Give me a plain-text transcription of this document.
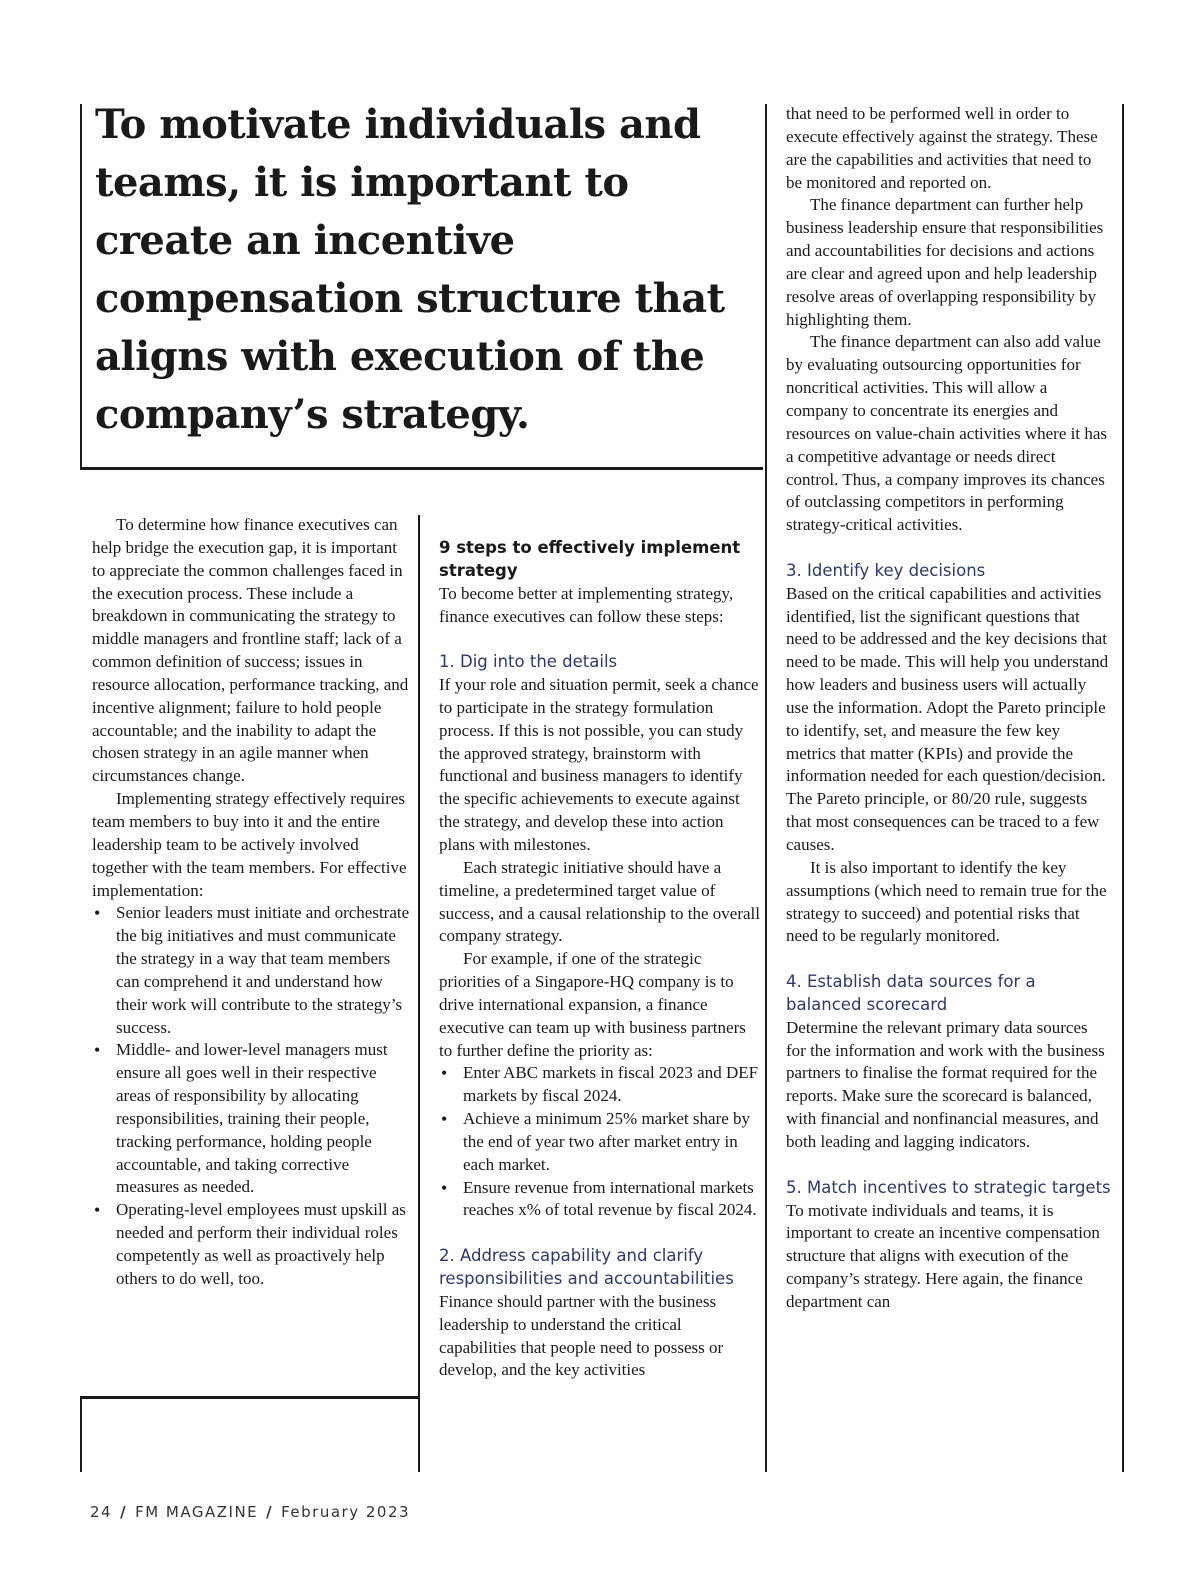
To motivate individuals and teams, it is important to create an incentive compensation structure that aligns with execution of the company’s strategy.

To determine how finance executives can help bridge the execution gap, it is important to appreciate the common challenges faced in the execution process. These include a breakdown in communicating the strategy to middle managers and frontline staff; lack of a common definition of success; issues in resource allocation, performance tracking, and incentive alignment; failure to hold people accountable; and the inability to adapt the chosen strategy in an agile manner when circumstances change.

Implementing strategy effectively requires team members to buy into it and the entire leadership team to be actively involved together with the team members. For effective implementation:

• Senior leaders must initiate and orchestrate the big initiatives and must communicate the strategy in a way that team members can comprehend it and understand how their work will contribute to the strategy’s success.
• Middle- and lower-level managers must ensure all goes well in their respective areas of responsibility by allocating responsibilities, training their people, tracking performance, holding people accountable, and taking corrective measures as needed.
• Operating-level employees must upskill as needed and perform their individual roles competently as well as proactively help others to do well, too.
9 steps to effectively implement strategy

To become better at implementing strategy, finance executives can follow these steps:

1. Dig into the details

If your role and situation permit, seek a chance to participate in the strategy formulation process. If this is not possible, you can study the approved strategy, brainstorm with functional and business managers to identify the specific achievements to execute against the strategy, and develop these into action plans with milestones.

Each strategic initiative should have a timeline, a predetermined target value of success, and a causal relationship to the overall company strategy.

For example, if one of the strategic priorities of a Singapore-HQ company is to drive international expansion, a finance executive can team up with business partners to further define the priority as:

• Enter ABC markets in fiscal 2023 and DEF markets by fiscal 2024.
• Achieve a minimum 25% market share by the end of year two after market entry in each market.
• Ensure revenue from international markets reaches x% of total revenue by fiscal 2024.
2. Address capability and clarify responsibilities and accountabilities

Finance should partner with the business leadership to understand the critical capabilities that people need to possess or develop, and the key activities

that need to be performed well in order to execute effectively against the strategy. These are the capabilities and activities that need to be monitored and reported on.

The finance department can further help business leadership ensure that responsibilities and accountabilities for decisions and actions are clear and agreed upon and help leadership resolve areas of overlapping responsibility by highlighting them.

The finance department can also add value by evaluating outsourcing opportunities for noncritical activities. This will allow a company to concentrate its energies and resources on value-chain activities where it has a competitive advantage or needs direct control. Thus, a company improves its chances of outclassing competitors in performing strategy-critical activities.

3. Identify key decisions

Based on the critical capabilities and activities identified, list the significant questions that need to be addressed and the key decisions that need to be made. This will help you understand how leaders and business users will actually use the information. Adopt the Pareto principle to identify, set, and measure the few key metrics that matter (KPIs) and provide the information needed for each question/decision. The Pareto principle, or 80/20 rule, suggests that most consequences can be traced to a few causes.

It is also important to identify the key assumptions (which need to remain true for the strategy to succeed) and potential risks that need to be regularly monitored.

4. Establish data sources for a balanced scorecard

Determine the relevant primary data sources for the information and work with the business partners to finalise the format required for the reports. Make sure the scorecard is balanced, with financial and nonfinancial measures, and both leading and lagging indicators.

5. Match incentives to strategic targets

To motivate individuals and teams, it is important to create an incentive compensation structure that aligns with execution of the company’s strategy. Here again, the finance department can

24 / FM MAGAZINE / February 2023
